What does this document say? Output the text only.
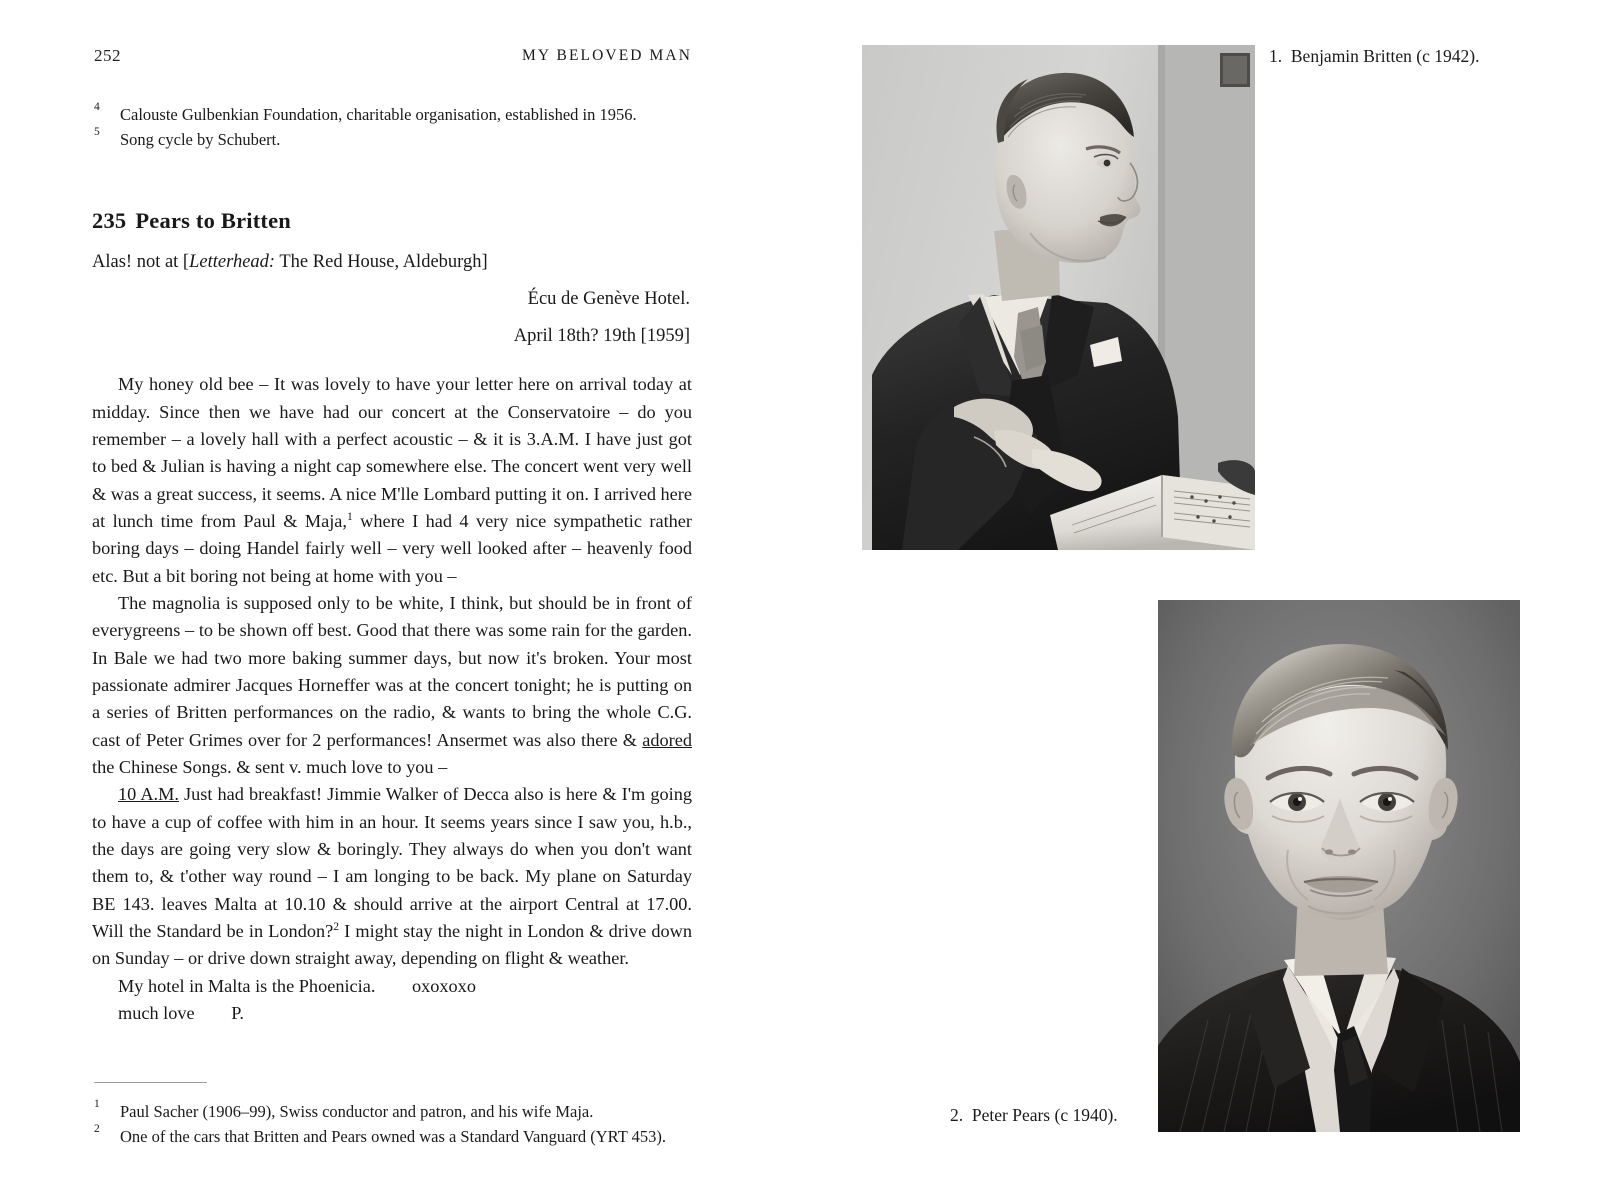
252	MY BELOVED MAN
4 Calouste Gulbenkian Foundation, charitable organisation, established in 1956.
5 Song cycle by Schubert.
235 Pears to Britten
Alas! not at [Letterhead: The Red House, Aldeburgh]
Écu de Genève Hotel.
April 18th? 19th [1959]

My honey old bee – It was lovely to have your letter here on arrival today at midday. Since then we have had our concert at the Conservatoire – do you remember – a lovely hall with a perfect acoustic – & it is 3.A.M. I have just got to bed & Julian is having a night cap somewhere else. The concert went very well & was a great success, it seems. A nice M'lle Lombard putting it on. I arrived here at lunch time from Paul & Maja,$^1$ where I had 4 very nice sympathetic rather boring days – doing Handel fairly well – very well looked after – heavenly food etc. But a bit boring not being at home with you –

The magnolia is supposed only to be white, I think, but should be in front of everygreens – to be shown off best. Good that there was some rain for the garden. In Bale we had two more baking summer days, but now it's broken. Your most passionate admirer Jacques Horneffer was at the concert tonight; he is putting on a series of Britten performances on the radio, & wants to bring the whole C.G. cast of Peter Grimes over for 2 performances! Ansermet was also there & adored the Chinese Songs. & sent v. much love to you –

10 A.M. Just had breakfast! Jimmie Walker of Decca also is here & I'm going to have a cup of coffee with him in an hour. It seems years since I saw you, h.b., the days are going very slow & boringly. They always do when you don't want them to, & t'other way round – I am longing to be back. My plane on Saturday BE 143. leaves Malta at 10.10 & should arrive at the airport Central at 17.00. Will the Standard be in London?$^2$ I might stay the night in London & drive down on Sunday – or drive down straight away, depending on flight & weather.

My hotel in Malta is the Phoenicia.        oxoxoxo
much love        P.
1 Paul Sacher (1906–99), Swiss conductor and patron, and his wife Maja.
2 One of the cars that Britten and Pears owned was a Standard Vanguard (YRT 453).
1.  Benjamin Britten (c 1942).
2.  Peter Pears (c 1940).
